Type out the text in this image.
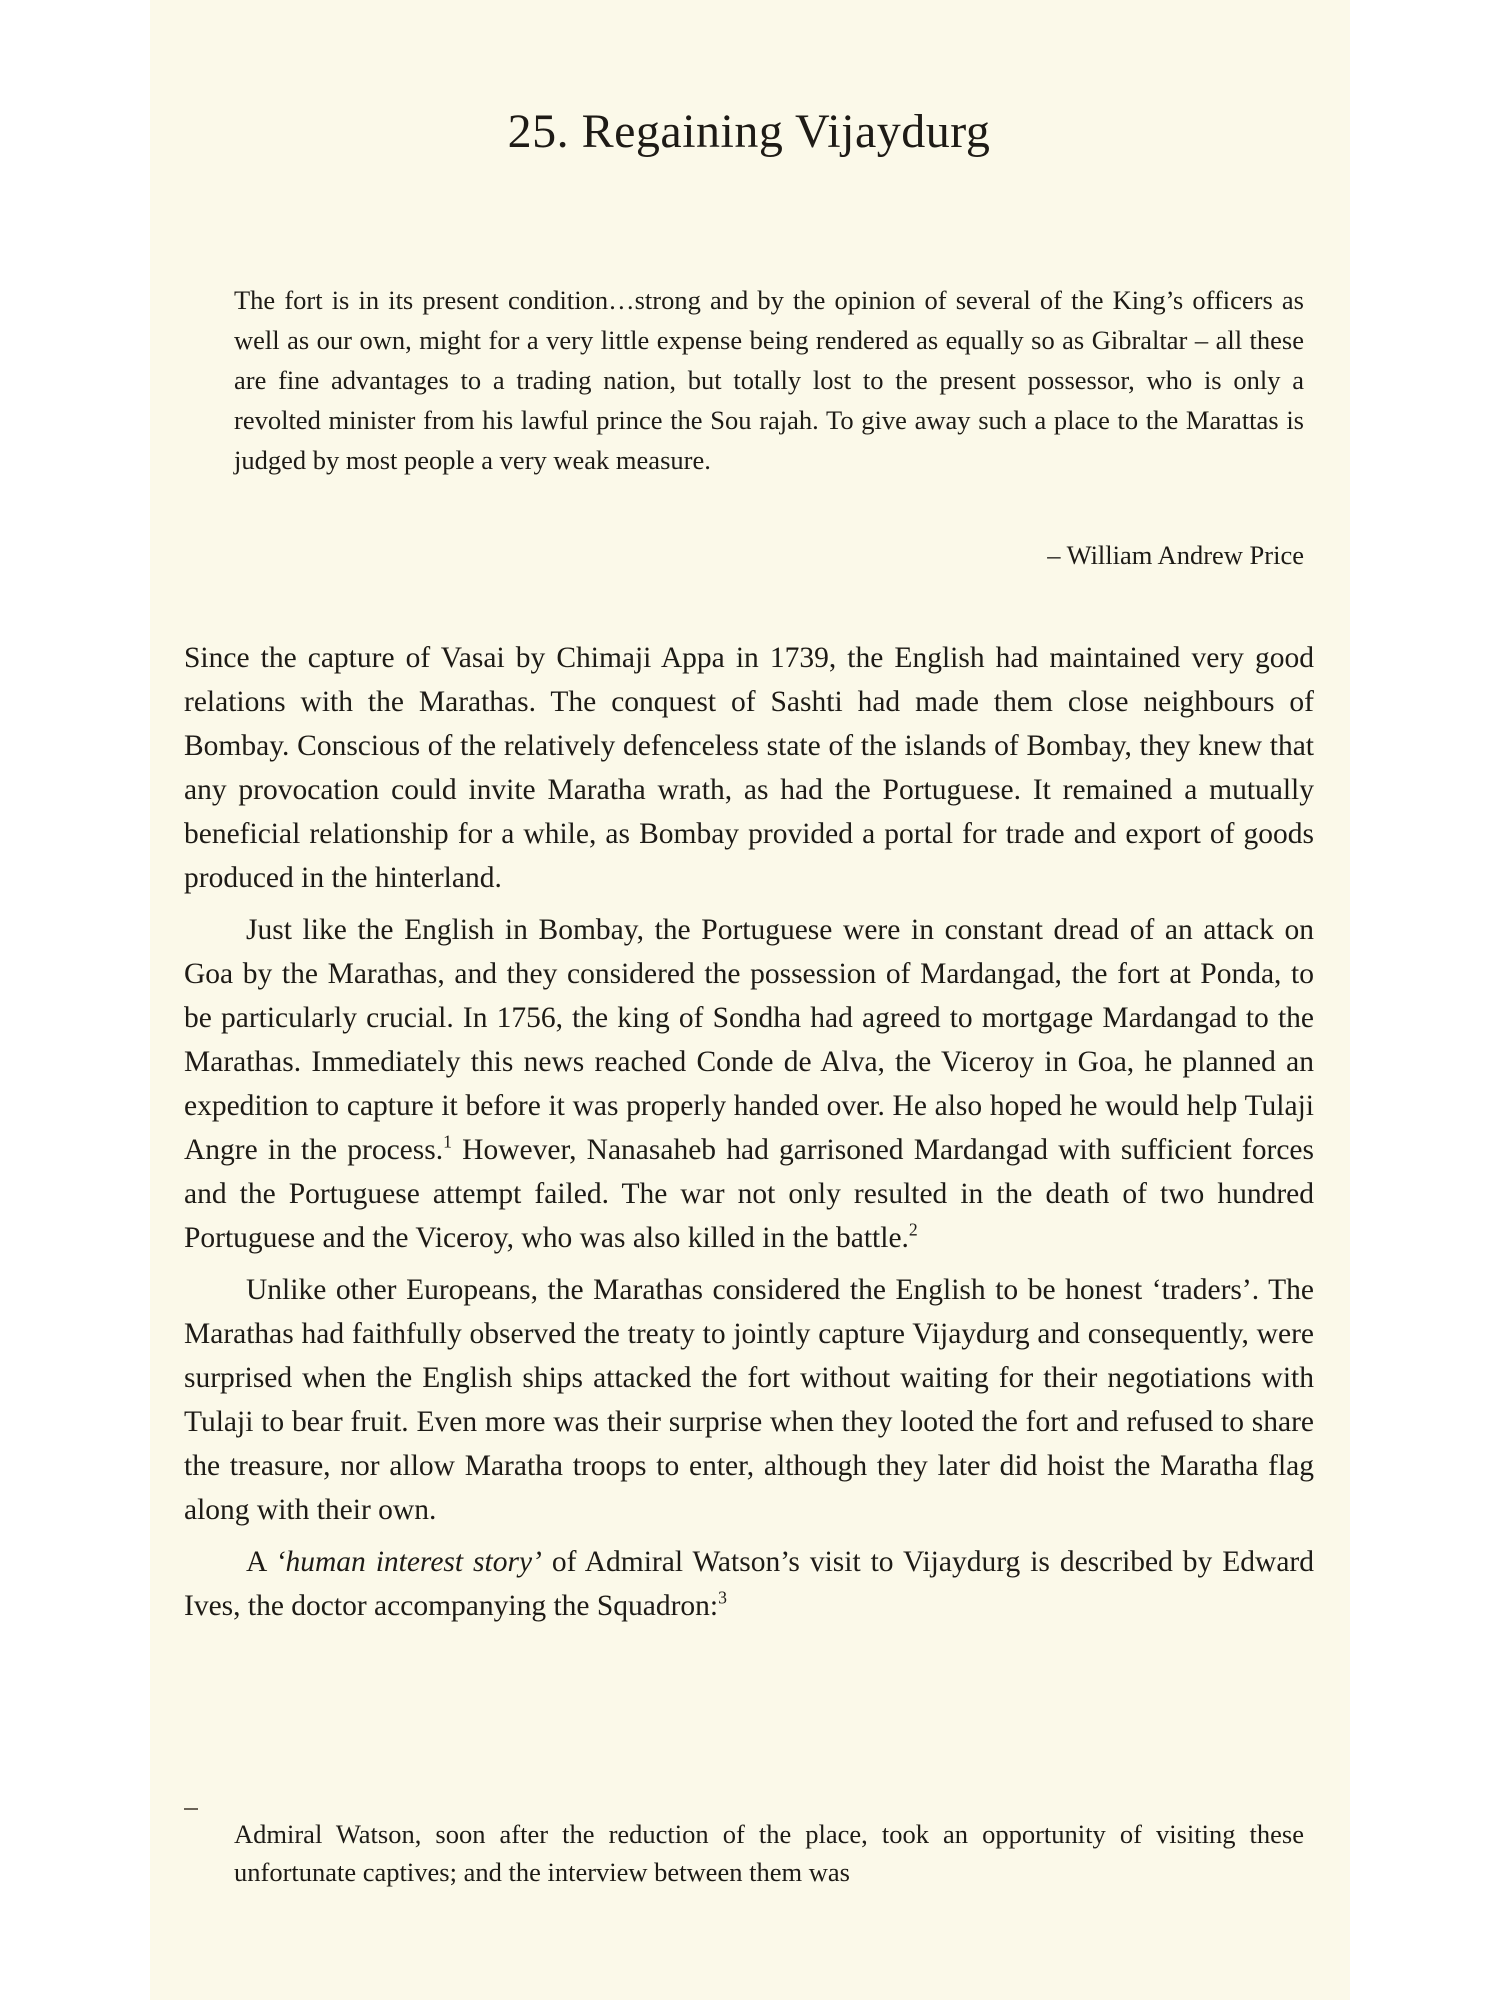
25. Regaining Vijaydurg

The fort is in its present condition…strong and by the opinion of several of the King’s officers as well as our own, might for a very little expense being rendered as equally so as Gibraltar – all these are fine advantages to a trading nation, but totally lost to the present possessor, who is only a revolted minister from his lawful prince the Sou rajah. To give away such a place to the Marattas is judged by most people a very weak measure.

– William Andrew Price

Since the capture of Vasai by Chimaji Appa in 1739, the English had maintained very good relations with the Marathas. The conquest of Sashti had made them close neighbours of Bombay. Conscious of the relatively defenceless state of the islands of Bombay, they knew that any provocation could invite Maratha wrath, as had the Portuguese. It remained a mutually beneficial relationship for a while, as Bombay provided a portal for trade and export of goods produced in the hinterland.

Just like the English in Bombay, the Portuguese were in constant dread of an attack on Goa by the Marathas, and they considered the possession of Mardangad, the fort at Ponda, to be particularly crucial. In 1756, the king of Sondha had agreed to mortgage Mardangad to the Marathas. Immediately this news reached Conde de Alva, the Viceroy in Goa, he planned an expedition to capture it before it was properly handed over. He also hoped he would help Tulaji Angre in the process.$^1$ However, Nanasaheb had garrisoned Mardangad with sufficient forces and the Portuguese attempt failed. The war not only resulted in the death of two hundred Portuguese and the Viceroy, who was also killed in the battle.$^2$

Unlike other Europeans, the Marathas considered the English to be honest ‘traders’. The Marathas had faithfully observed the treaty to jointly capture Vijaydurg and consequently, were surprised when the English ships attacked the fort without waiting for their negotiations with Tulaji to bear fruit. Even more was their surprise when they looted the fort and refused to share the treasure, nor allow Maratha troops to enter, although they later did hoist the Maratha flag along with their own.

A ‘human interest story’ of Admiral Watson’s visit to Vijaydurg is described by Edward Ives, the doctor accompanying the Squadron:$^3$

Admiral Watson, soon after the reduction of the place, took an opportunity of visiting these unfortunate captives; and the interview between them was
